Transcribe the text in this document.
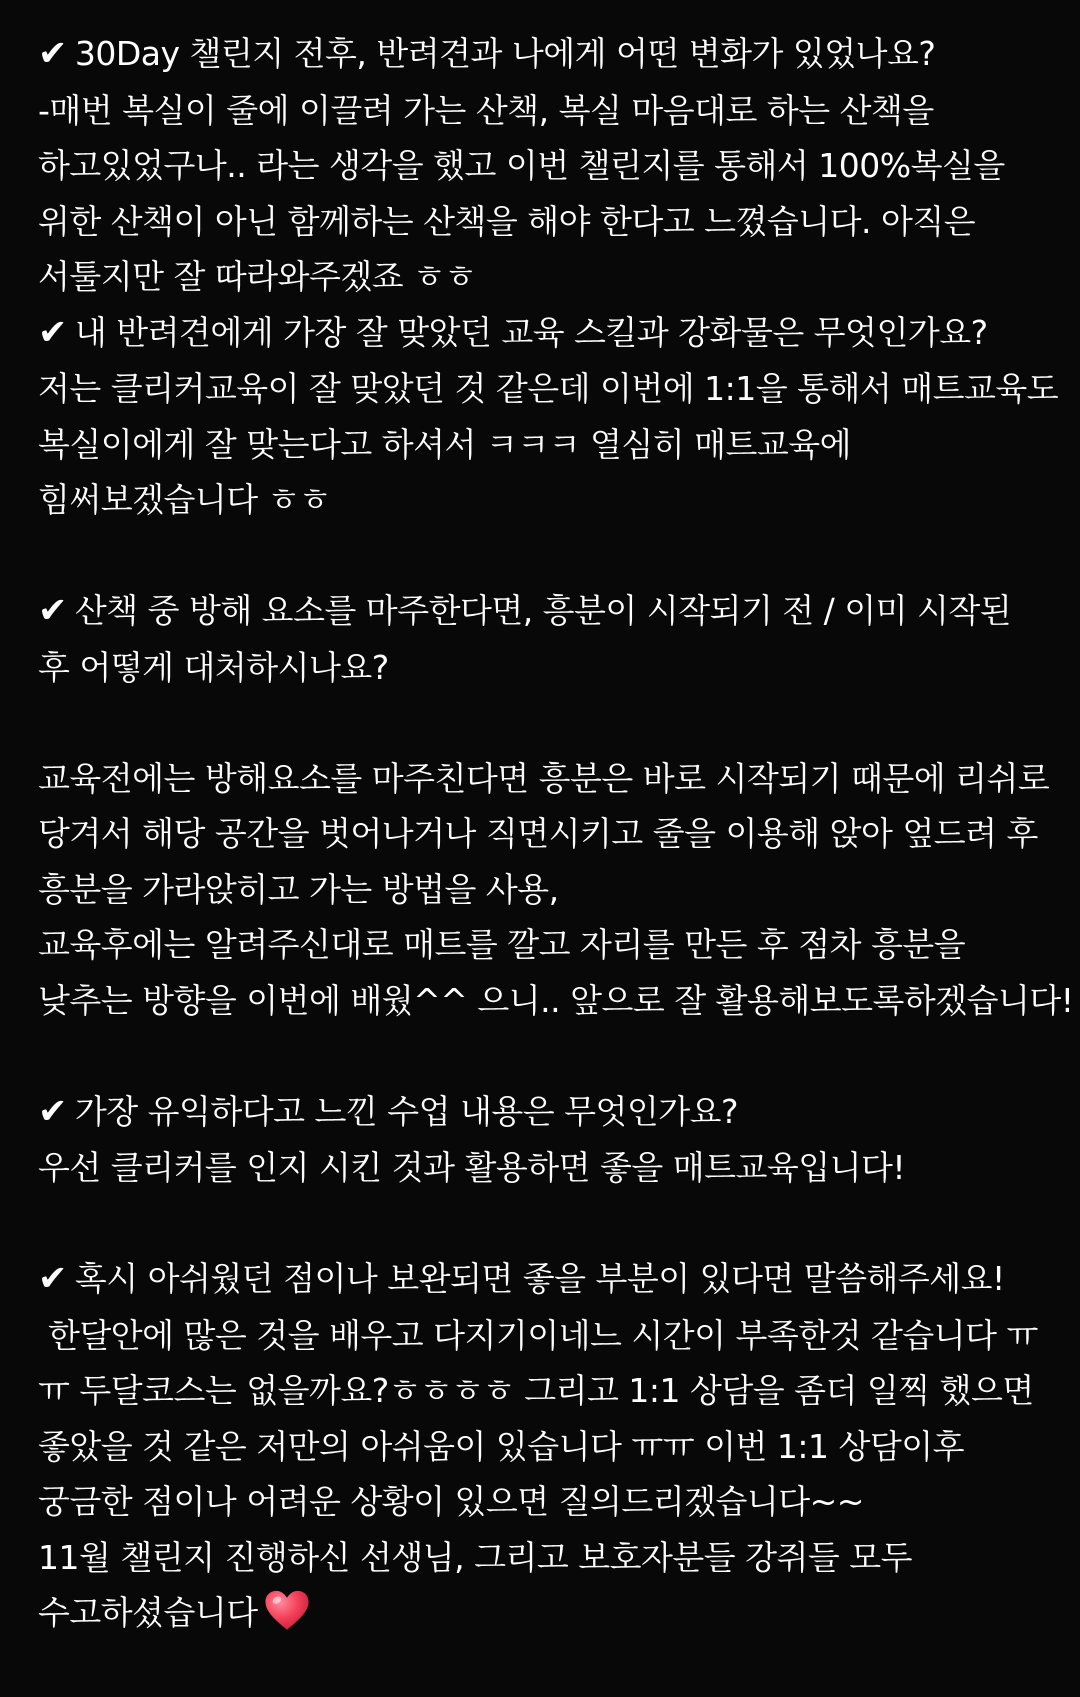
✔ 30Day 챌린지 전후, 반려견과 나에게 어떤 변화가 있었나요?

-매번 복실이 줄에 이끌려 가는 산책, 복실 마음대로 하는 산책을

하고있었구나.. 라는 생각을 했고 이번 챌린지를 통해서 100%복실을

위한 산책이 아닌 함께하는 산책을 해야 한다고 느꼈습니다. 아직은

서툴지만 잘 따라와주겠죠 ㅎㅎ

✔ 내 반려견에게 가장 잘 맞았던 교육 스킬과 강화물은 무엇인가요?

저는 클리커교육이 잘 맞았던 것 같은데 이번에 1:1을 통해서 매트교육도

복실이에게 잘 맞는다고 하셔서 ㅋㅋㅋ 열심히 매트교육에

힘써보겠습니다 ㅎㅎ

✔ 산책 중 방해 요소를 마주한다면, 흥분이 시작되기 전 / 이미 시작된

후 어떻게 대처하시나요?

교육전에는 방해요소를 마주친다면 흥분은 바로 시작되기 때문에 리쉬로

당겨서 해당 공간을 벗어나거나 직면시키고 줄을 이용해 앉아 엎드려 후

흥분을 가라앉히고 가는 방법을 사용,

교육후에는 알려주신대로 매트를 깔고 자리를 만든 후 점차 흥분을

낮추는 방향을 이번에 배웠^^ 으니.. 앞으로 잘 활용해보도록하겠습니다!

✔ 가장 유익하다고 느낀 수업 내용은 무엇인가요?

우선 클리커를 인지 시킨 것과 활용하면 좋을 매트교육입니다!

✔ 혹시 아쉬웠던 점이나 보완되면 좋을 부분이 있다면 말씀해주세요!

한달안에 많은 것을 배우고 다지기이네느 시간이 부족한것 같습니다 ㅠ

ㅠ 두달코스는 없을까요?ㅎㅎㅎㅎ 그리고 1:1 상담을 좀더 일찍 했으면

좋았을 것 같은 저만의 아쉬움이 있습니다 ㅠㅠ 이번 1:1 상담이후

궁금한 점이나 어려운 상황이 있으면 질의드리겠습니다~~

11월 챌린지 진행하신 선생님, 그리고 보호자분들 강쥐들 모두

수고하셨습니다
